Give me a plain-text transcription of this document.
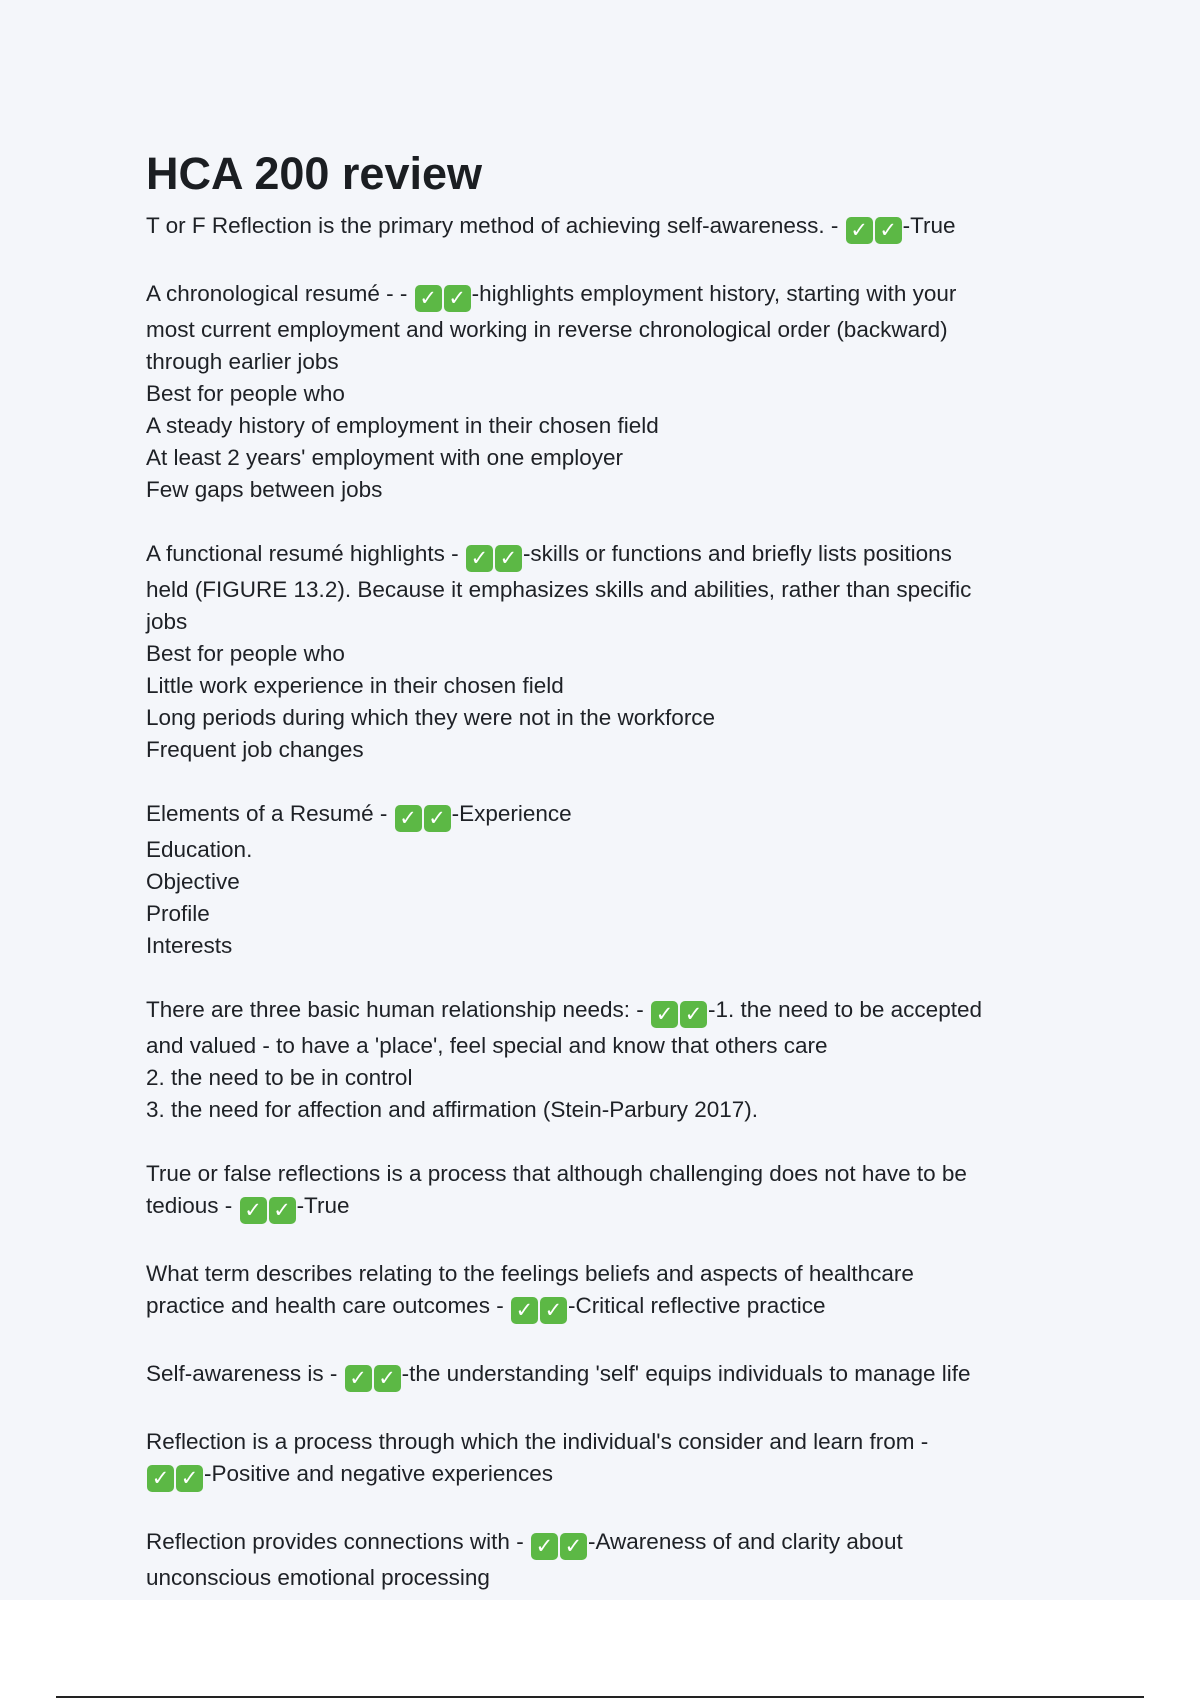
HCA 200 review
T or F Reflection is the primary method of achieving self-awareness. - ✓ ✓ -True
A chronological resumé - - ✓ ✓ -highlights employment history, starting with your
most current employment and working in reverse chronological order (backward)
through earlier jobs
Best for people who
A steady history of employment in their chosen field
At least 2 years' employment with one employer
Few gaps between jobs
A functional resumé highlights - ✓ ✓ -skills or functions and briefly lists positions
held (FIGURE 13.2). Because it emphasizes skills and abilities, rather than specific
jobs
Best for people who
Little work experience in their chosen field
Long periods during which they were not in the workforce
Frequent job changes
Elements of a Resumé - ✓ ✓ -Experience
Education.
Objective
Profile
Interests
There are three basic human relationship needs: - ✓ ✓ -1. the need to be accepted
and valued - to have a 'place', feel special and know that others care
2. the need to be in control
3. the need for affection and affirmation (Stein-Parbury 2017).
True or false reflections is a process that although challenging does not have to be
tedious - ✓ ✓ -True
What term describes relating to the feelings beliefs and aspects of healthcare
practice and health care outcomes - ✓ ✓ -Critical reflective practice
Self-awareness is - ✓ ✓ -the understanding 'self' equips individuals to manage life
Reflection is a process through which the individual's consider and learn from -
✓ ✓ -Positive and negative experiences
Reflection provides connections with - ✓ ✓ -Awareness of and clarity about
unconscious emotional processing
